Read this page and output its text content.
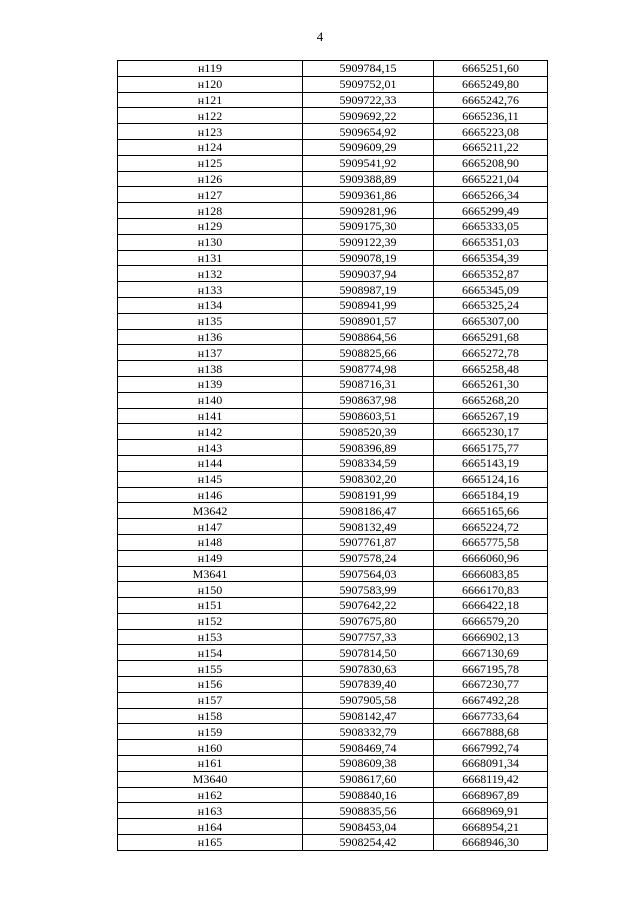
4
н119	5909784,15	6665251,60
н120	5909752,01	6665249,80
н121	5909722,33	6665242,76
н122	5909692,22	6665236,11
н123	5909654,92	6665223,08
н124	5909609,29	6665211,22
н125	5909541,92	6665208,90
н126	5909388,89	6665221,04
н127	5909361,86	6665266,34
н128	5909281,96	6665299,49
н129	5909175,30	6665333,05
н130	5909122,39	6665351,03
н131	5909078,19	6665354,39
н132	5909037,94	6665352,87
н133	5908987,19	6665345,09
н134	5908941,99	6665325,24
н135	5908901,57	6665307,00
н136	5908864,56	6665291,68
н137	5908825,66	6665272,78
н138	5908774,98	6665258,48
н139	5908716,31	6665261,30
н140	5908637,98	6665268,20
н141	5908603,51	6665267,19
н142	5908520,39	6665230,17
н143	5908396,89	6665175,77
н144	5908334,59	6665143,19
н145	5908302,20	6665124,16
н146	5908191,99	6665184,19
М3642	5908186,47	6665165,66
н147	5908132,49	6665224,72
н148	5907761,87	6665775,58
н149	5907578,24	6666060,96
М3641	5907564,03	6666083,85
н150	5907583,99	6666170,83
н151	5907642,22	6666422,18
н152	5907675,80	6666579,20
н153	5907757,33	6666902,13
н154	5907814,50	6667130,69
н155	5907830,63	6667195,78
н156	5907839,40	6667230,77
н157	5907905,58	6667492,28
н158	5908142,47	6667733,64
н159	5908332,79	6667888,68
н160	5908469,74	6667992,74
н161	5908609,38	6668091,34
М3640	5908617,60	6668119,42
н162	5908840,16	6668967,89
н163	5908835,56	6668969,91
н164	5908453,04	6668954,21
н165	5908254,42	6668946,30
